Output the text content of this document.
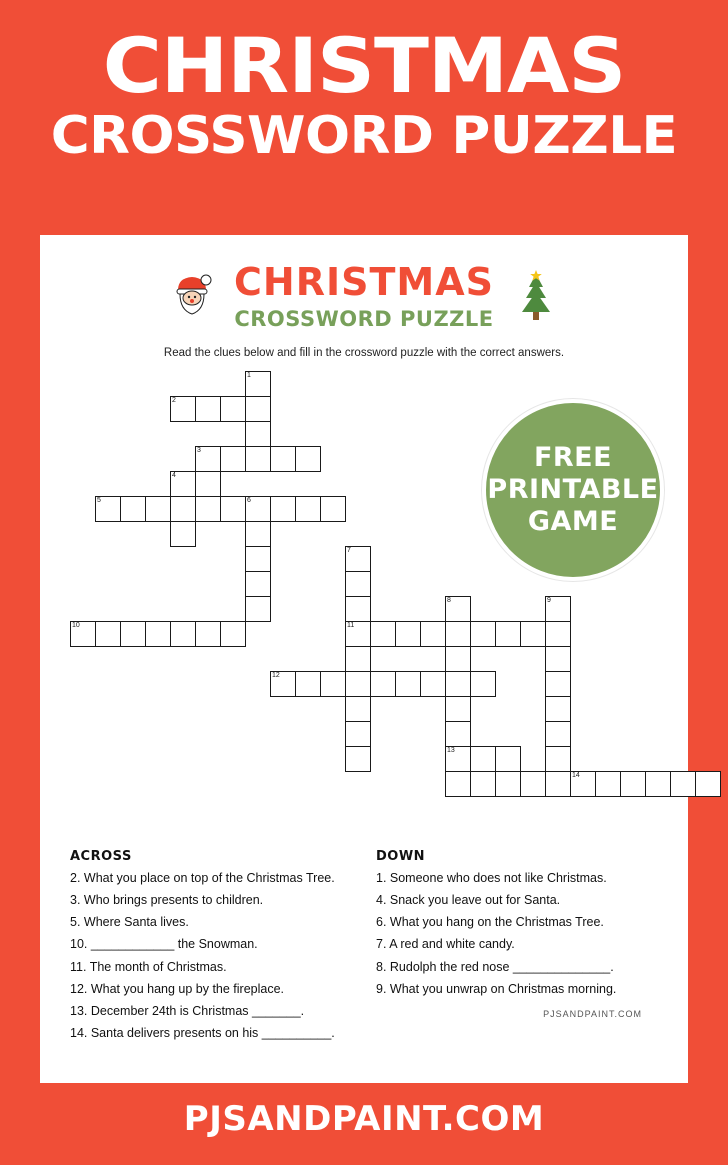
CHRISTMAS
CROSSWORD PUZZLE

CHRISTMAS

CROSSWORD PUZZLE

Read the clues below and fill in the crossword puzzle with the correct answers.
FREE
PRINTABLE
GAME
1
2
3
4
5	6
7
8	9
10	11
12
13
14
ACROSS

2. What you place on top of the Christmas Tree.

3. Who brings presents to children.

5. Where Santa lives.

10. ____________ the Snowman.

11. The month of Christmas.

12. What you hang up by the fireplace.

13. December 24th is Christmas _______.

14. Santa delivers presents on his __________.

DOWN

1. Someone who does not like Christmas.

4. Snack you leave out for Santa.

6. What you hang on the Christmas Tree.

7. A red and white candy.

8. Rudolph the red nose ______________.

9. What you unwrap on Christmas morning.

PJSANDPAINT.COM
PJSANDPAINT.COM
